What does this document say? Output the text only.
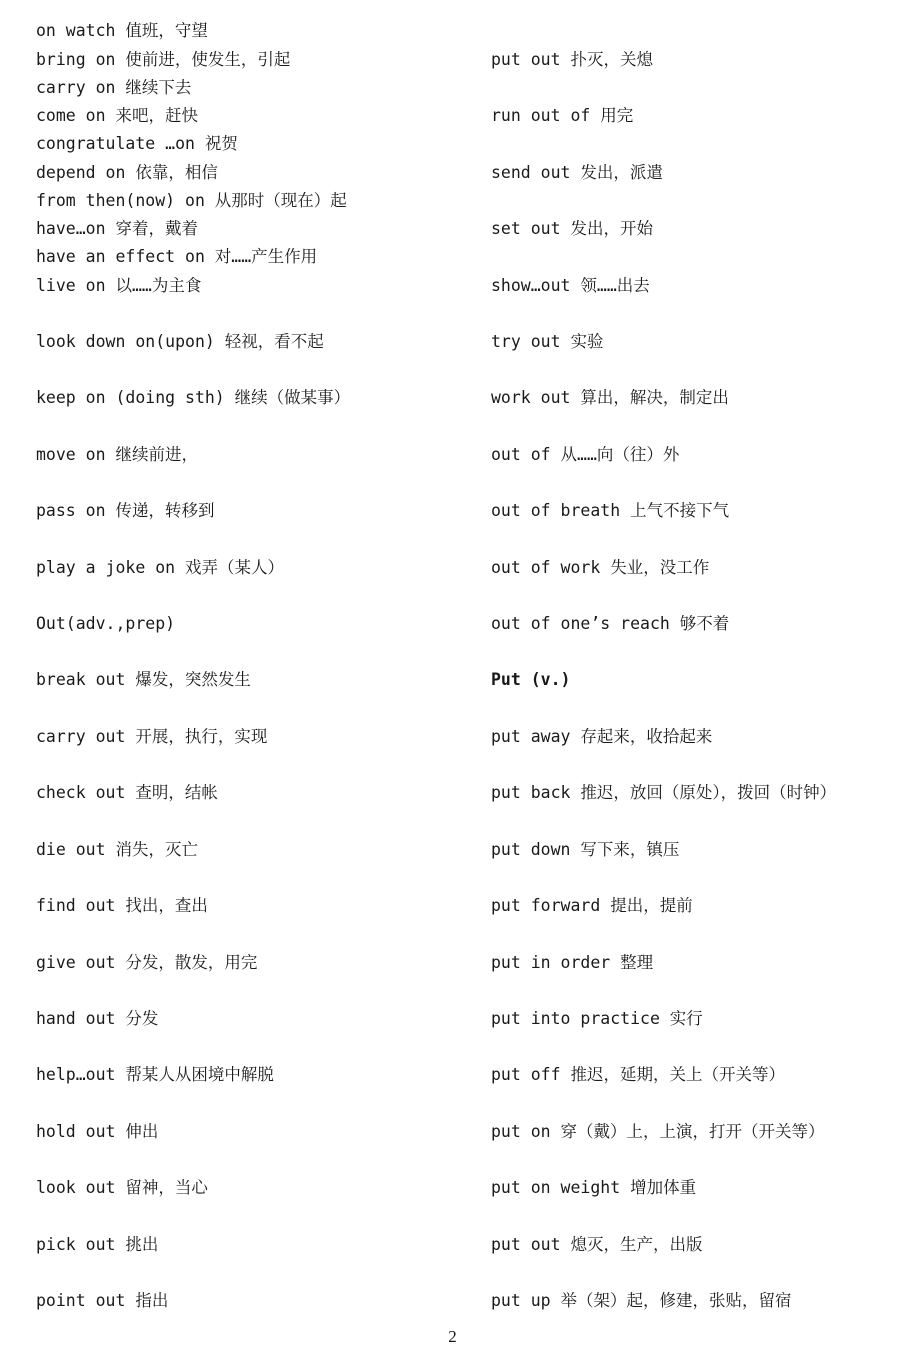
on watch 值班，守望
bring on 使前进，使发生，引起
carry on 继续下去
come on 来吧，赶快
congratulate …on 祝贺
depend on 依靠，相信
from then(now) on 从那时（现在）起
have…on 穿着，戴着
have an effect on 对……产生作用
live on 以……为主食
look down on(upon) 轻视，看不起
keep on (doing sth) 继续（做某事）
move on 继续前进，
pass on 传递，转移到
play a joke on 戏弄（某人）
Out(adv.,prep)
break out 爆发，突然发生
carry out 开展，执行，实现
check out 查明，结帐
die out 消失，灭亡
find out 找出，查出
give out 分发，散发，用完
hand out 分发
help…out 帮某人从困境中解脱
hold out 伸出
look out 留神，当心
pick out 挑出
point out 指出
put out 扑灭，关熄
run out of 用完
send out 发出，派遣
set out 发出，开始
show…out 领……出去
try out 实验
work out 算出，解决，制定出
out of 从……向（往）外
out of breath 上气不接下气
out of work 失业，没工作
out of one’s reach 够不着
Put (v.)
put away 存起来，收拾起来
put back 推迟，放回（原处），拨回（时钟）
put down 写下来，镇压
put forward 提出，提前
put in order 整理
put into practice 实行
put off 推迟，延期，关上（开关等）
put on 穿（戴）上，上演，打开（开关等）
put on weight 增加体重
put out 熄灭，生产，出版
put up 举（架）起，修建，张贴，留宿
2
